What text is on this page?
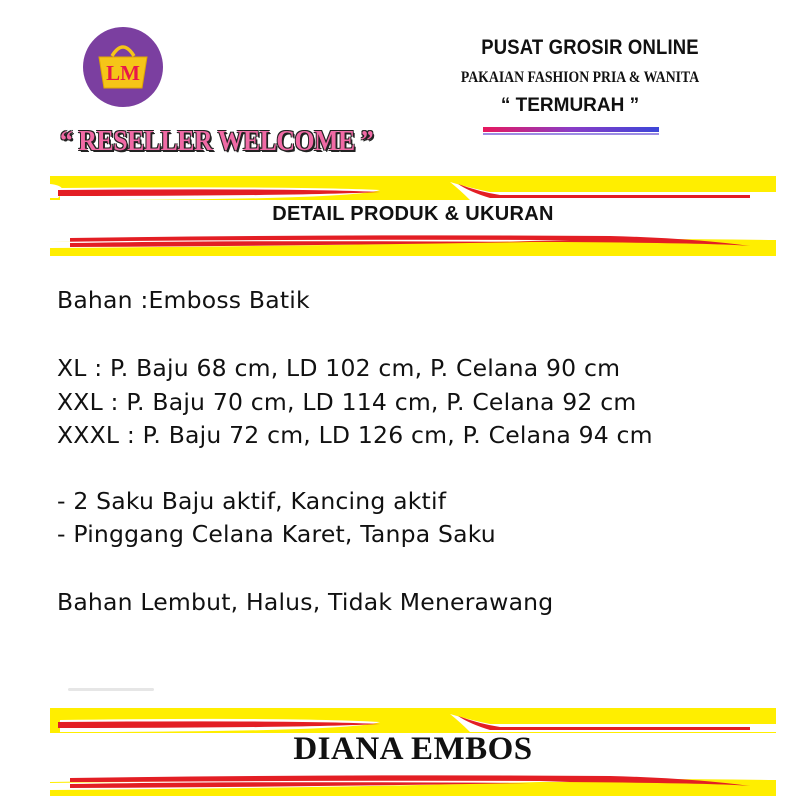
LM
PUSAT GROSIR ONLINE
PAKAIAN FASHION PRIA & WANITA
“ TERMURAH ”
“ RESELLER WELCOME ”
DETAIL PRODUK & UKURAN
Bahan :Emboss Batik
XL : P. Baju 68 cm, LD 102 cm, P. Celana 90 cm
XXL : P. Baju 70 cm, LD 114 cm, P. Celana 92 cm
XXXL : P. Baju 72 cm, LD 126 cm, P. Celana 94 cm
- 2 Saku Baju aktif, Kancing aktif
- Pinggang Celana Karet, Tanpa Saku
Bahan Lembut, Halus, Tidak Menerawang
DIANA EMBOS
